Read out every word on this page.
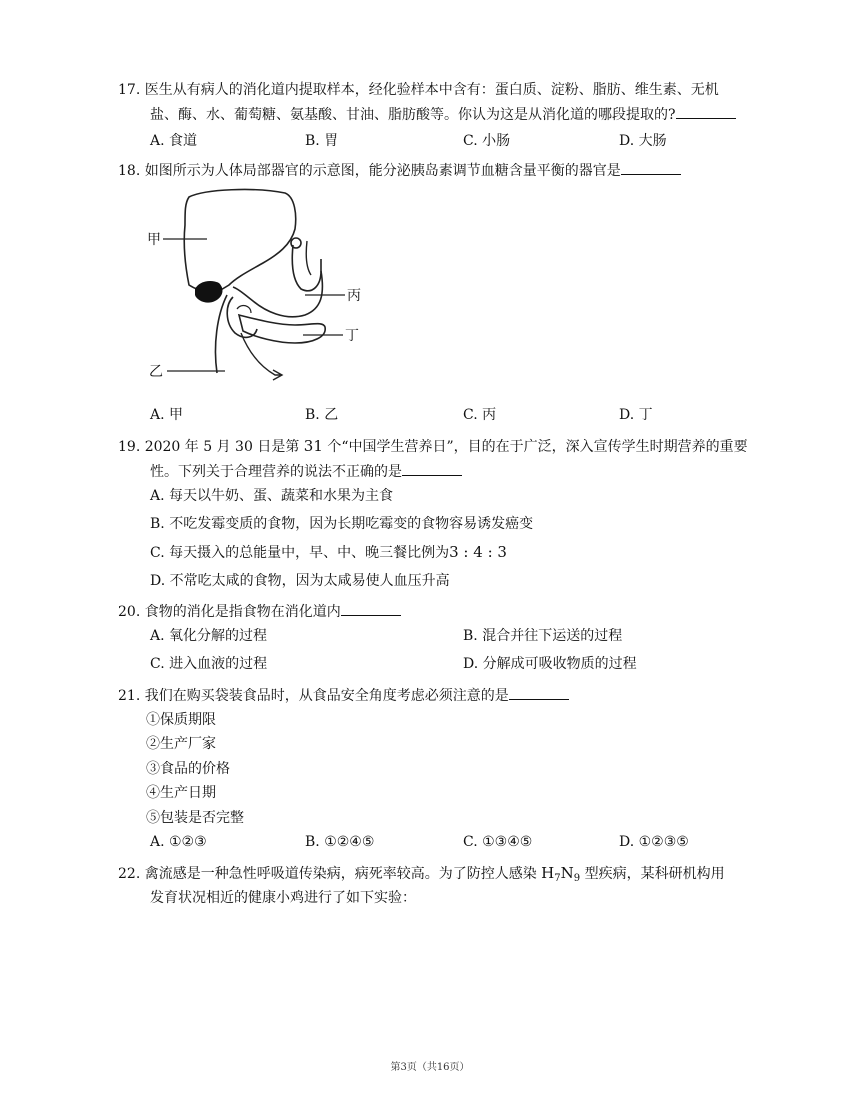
17. 医生从有病人的消化道内提取样本，经化验样本中含有：蛋白质、淀粉、脂肪、维生素、无机
盐、酶、水、葡萄糖、氨基酸、甘油、脂肪酸等。你认为这是从消化道的哪段提取的?
A. 食道	B. 胃	C. 小肠	D. 大肠
18. 如图所示为人体局部器官的示意图，能分泌胰岛素调节血糖含量平衡的器官是
甲
丙
丁
乙
A. 甲	B. 乙	C. 丙	D. 丁
19. 2020 年 5 月 30 日是第 31 个“中国学生营养日”，目的在于广泛，深入宣传学生时期营养的重要
性。下列关于合理营养的说法不正确的是
A. 每天以牛奶、蛋、蔬菜和水果为主食
B. 不吃发霉变质的食物，因为长期吃霉变的食物容易诱发癌变
C. 每天摄入的总能量中，早、中、晚三餐比例为3 : 4 : 3
D. 不常吃太咸的食物，因为太咸易使人血压升高
20. 食物的消化是指食物在消化道内
A. 氧化分解的过程	B. 混合并往下运送的过程
C. 进入血液的过程	D. 分解成可吸收物质的过程
21. 我们在购买袋装食品时，从食品安全角度考虑必须注意的是
①保质期限
②生产厂家
③食品的价格
④生产日期
⑤包装是否完整
A. ①②③	B. ①②④⑤	C. ①③④⑤	D. ①②③⑤
22. 禽流感是一种急性呼吸道传染病，病死率较高。为了防控人感染 $H_7N_9$ 型疾病，某科研机构用
发育状况相近的健康小鸡进行了如下实验：
第3页（共16页）
